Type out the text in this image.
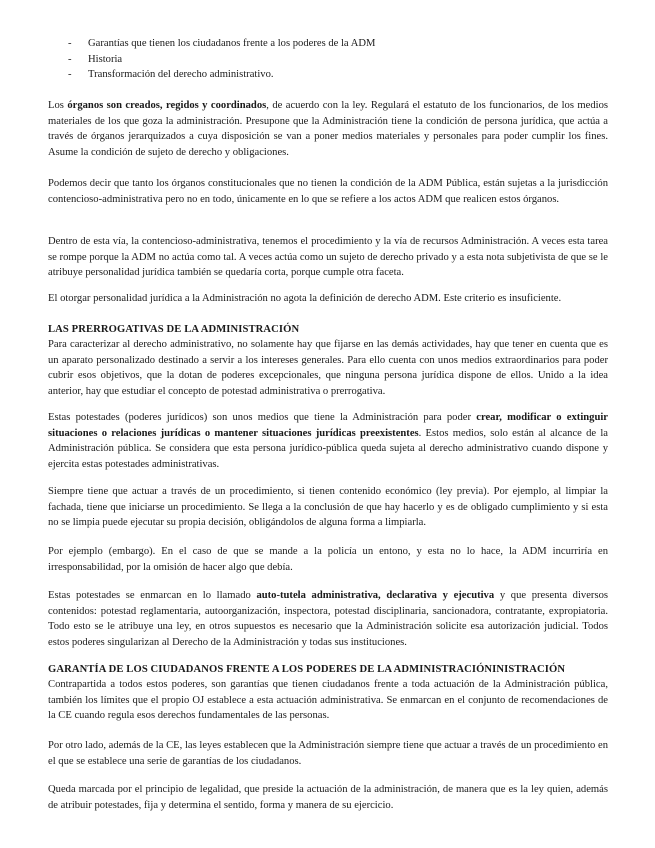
- Garantías que tienen los ciudadanos frente a los poderes de la ADM
- Historia
- Transformación del derecho administrativo.

Los órganos son creados, regidos y coordinados, de acuerdo con la ley. Regulará el estatuto de los funcionarios, de los medios materiales de los que goza la administración. Presupone que la Administración tiene la condición de persona jurídica, que actúa a través de órganos jerarquizados a cuya disposición se van a poner medios materiales y personales para poder cumplir los fines. Asume la condición de sujeto de derecho y obligaciones.

Podemos decir que tanto los órganos constitucionales que no tienen la condición de la ADM Pública, están sujetas a la jurisdicción contencioso-administrativa pero no en todo, únicamente en lo que se refiere a los actos ADM que realicen estos órganos.

Dentro de esta vía, la contencioso-administrativa, tenemos el procedimiento y la vía de recursos Administración. A veces esta tarea se rompe porque la ADM no actúa como tal. A veces actúa como un sujeto de derecho privado y a esta nota subjetivista de que se le atribuye personalidad jurídica también se quedaría corta, porque cumple otra faceta.

El otorgar personalidad jurídica a la Administración no agota la definición de derecho ADM. Este criterio es insuficiente.

LAS PRERROGATIVAS DE LA ADMINISTRACIÓN

Para caracterizar al derecho administrativo, no solamente hay que fijarse en las demás actividades, hay que tener en cuenta que es un aparato personalizado destinado a servir a los intereses generales. Para ello cuenta con unos medios extraordinarios para poder cubrir esos objetivos, que la dotan de poderes excepcionales, que ninguna persona jurídica dispone de ellos. Unido a la idea anterior, hay que estudiar el concepto de potestad administrativa o prerrogativa.

Estas potestades (poderes jurídicos) son unos medios que tiene la Administración para poder crear, modificar o extinguir situaciones o relaciones jurídicas o mantener situaciones jurídicas preexistentes. Estos medios, solo están al alcance de la Administración pública. Se considera que esta persona jurídico-pública queda sujeta al derecho administrativo cuando dispone y ejercita estas potestades administrativas.

Siempre tiene que actuar a través de un procedimiento, si tienen contenido económico (ley previa). Por ejemplo, al limpiar la fachada, tiene que iniciarse un procedimiento. Se llega a la conclusión de que hay hacerlo y es de obligado cumplimiento y si esta no se limpia puede ejecutar su propia decisión, obligándolos de alguna forma a limpiarla.

Por ejemplo (embargo). En el caso de que se mande a la policía un entono, y esta no lo hace, la ADM incurriría en irresponsabilidad, por la omisión de hacer algo que debía.

Estas potestades se enmarcan en lo llamado auto-tutela administrativa, declarativa y ejecutiva y que presenta diversos contenidos: potestad reglamentaria, autoorganización, inspectora, potestad disciplinaria, sancionadora, contratante, expropiatoria. Todo esto se le atribuye una ley, en otros supuestos es necesario que la Administración solicite esa autorización judicial. Todos estos poderes singularizan al Derecho de la Administración y todas sus instituciones.

GARANTÍA DE LOS CIUDADANOS FRENTE A LOS PODERES DE LA ADMINISTRACIÓNINISTRACIÓN

Contrapartida a todos estos poderes, son garantías que tienen ciudadanos frente a toda actuación de la Administración pública, también los límites que el propio OJ establece a esta actuación administrativa. Se enmarcan en el conjunto de recomendaciones de la CE cuando regula esos derechos fundamentales de las personas.

Por otro lado, además de la CE, las leyes establecen que la Administración siempre tiene que actuar a través de un procedimiento en el que se establece una serie de garantías de los ciudadanos.

Queda marcada por el principio de legalidad, que preside la actuación de la administración, de manera que es la ley quien, además de atribuir potestades, fija y determina el sentido, forma y manera de su ejercicio.
